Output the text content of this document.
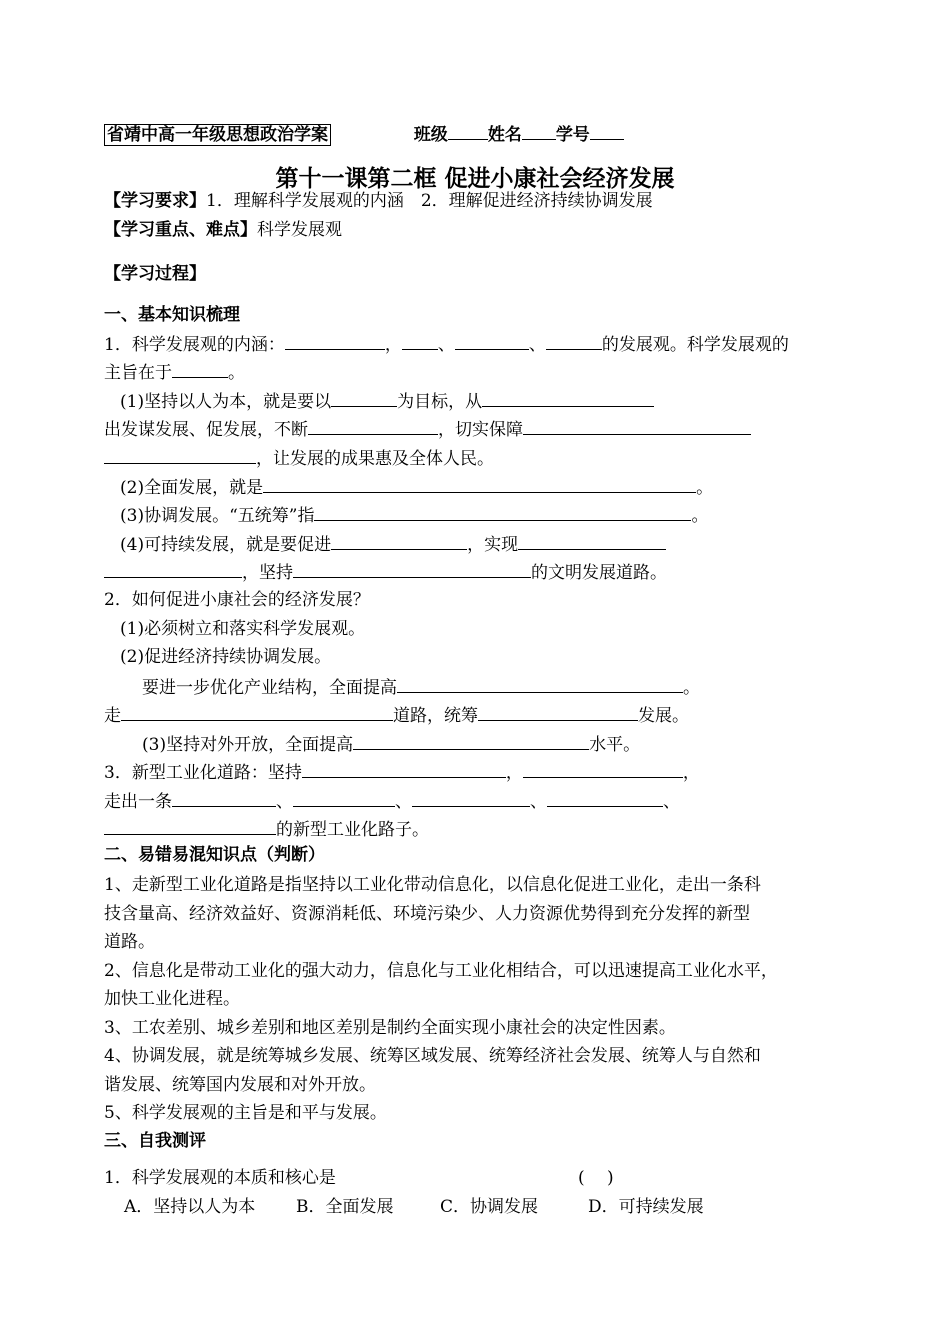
省靖中高一年级思想政治学案	班级 姓名 学号
第十一课第二框 促进小康社会经济发展
【学习要求】1．理解科学发展观的内涵　2．理解促进经济持续协调发展
【学习重点、难点】科学发展观
【学习过程】
一、基本知识梳理
1．科学发展观的内涵：	， 、	、	的发展观。科学发展观的
主旨在于	。
(1)坚持以人为本，就是要以	为目标，从
出发谋发展、促发展，不断	，切实保障
，让发展的成果惠及全体人民。
(2)全面发展，就是	。
(3)协调发展。“五统筹”指	。
(4)可持续发展，就是要促进	，实现
，坚持	的文明发展道路。
2．如何促进小康社会的经济发展？
(1)必须树立和落实科学发展观。
(2)促进经济持续协调发展。
要进一步优化产业结构，全面提高	。
走	道路，统筹	发展。
(3)坚持对外开放，全面提高	水平。
3．新型工业化道路：坚持	，	，
走出一条	、	、	、	、
的新型工业化路子。
二、易错易混知识点（判断）
1、走新型工业化道路是指坚持以工业化带动信息化，以信息化促进工业化，走出一条科
技含量高、经济效益好、资源消耗低、环境污染少、人力资源优势得到充分发挥的新型
道路。
2、信息化是带动工业化的强大动力，信息化与工业化相结合，可以迅速提高工业化水平，
加快工业化进程。
3、工农差别、城乡差别和地区差别是制约全面实现小康社会的决定性因素。
4、协调发展，就是统筹城乡发展、统筹区域发展、统筹经济社会发展、统筹人与自然和
谐发展、统筹国内发展和对外开放。
5、科学发展观的主旨是和平与发展。
三、自我测评
1．科学发展观的本质和核心是	(　 )
A．坚持以人为本 B．全面发展	C．协调发展	D．可持续发展
